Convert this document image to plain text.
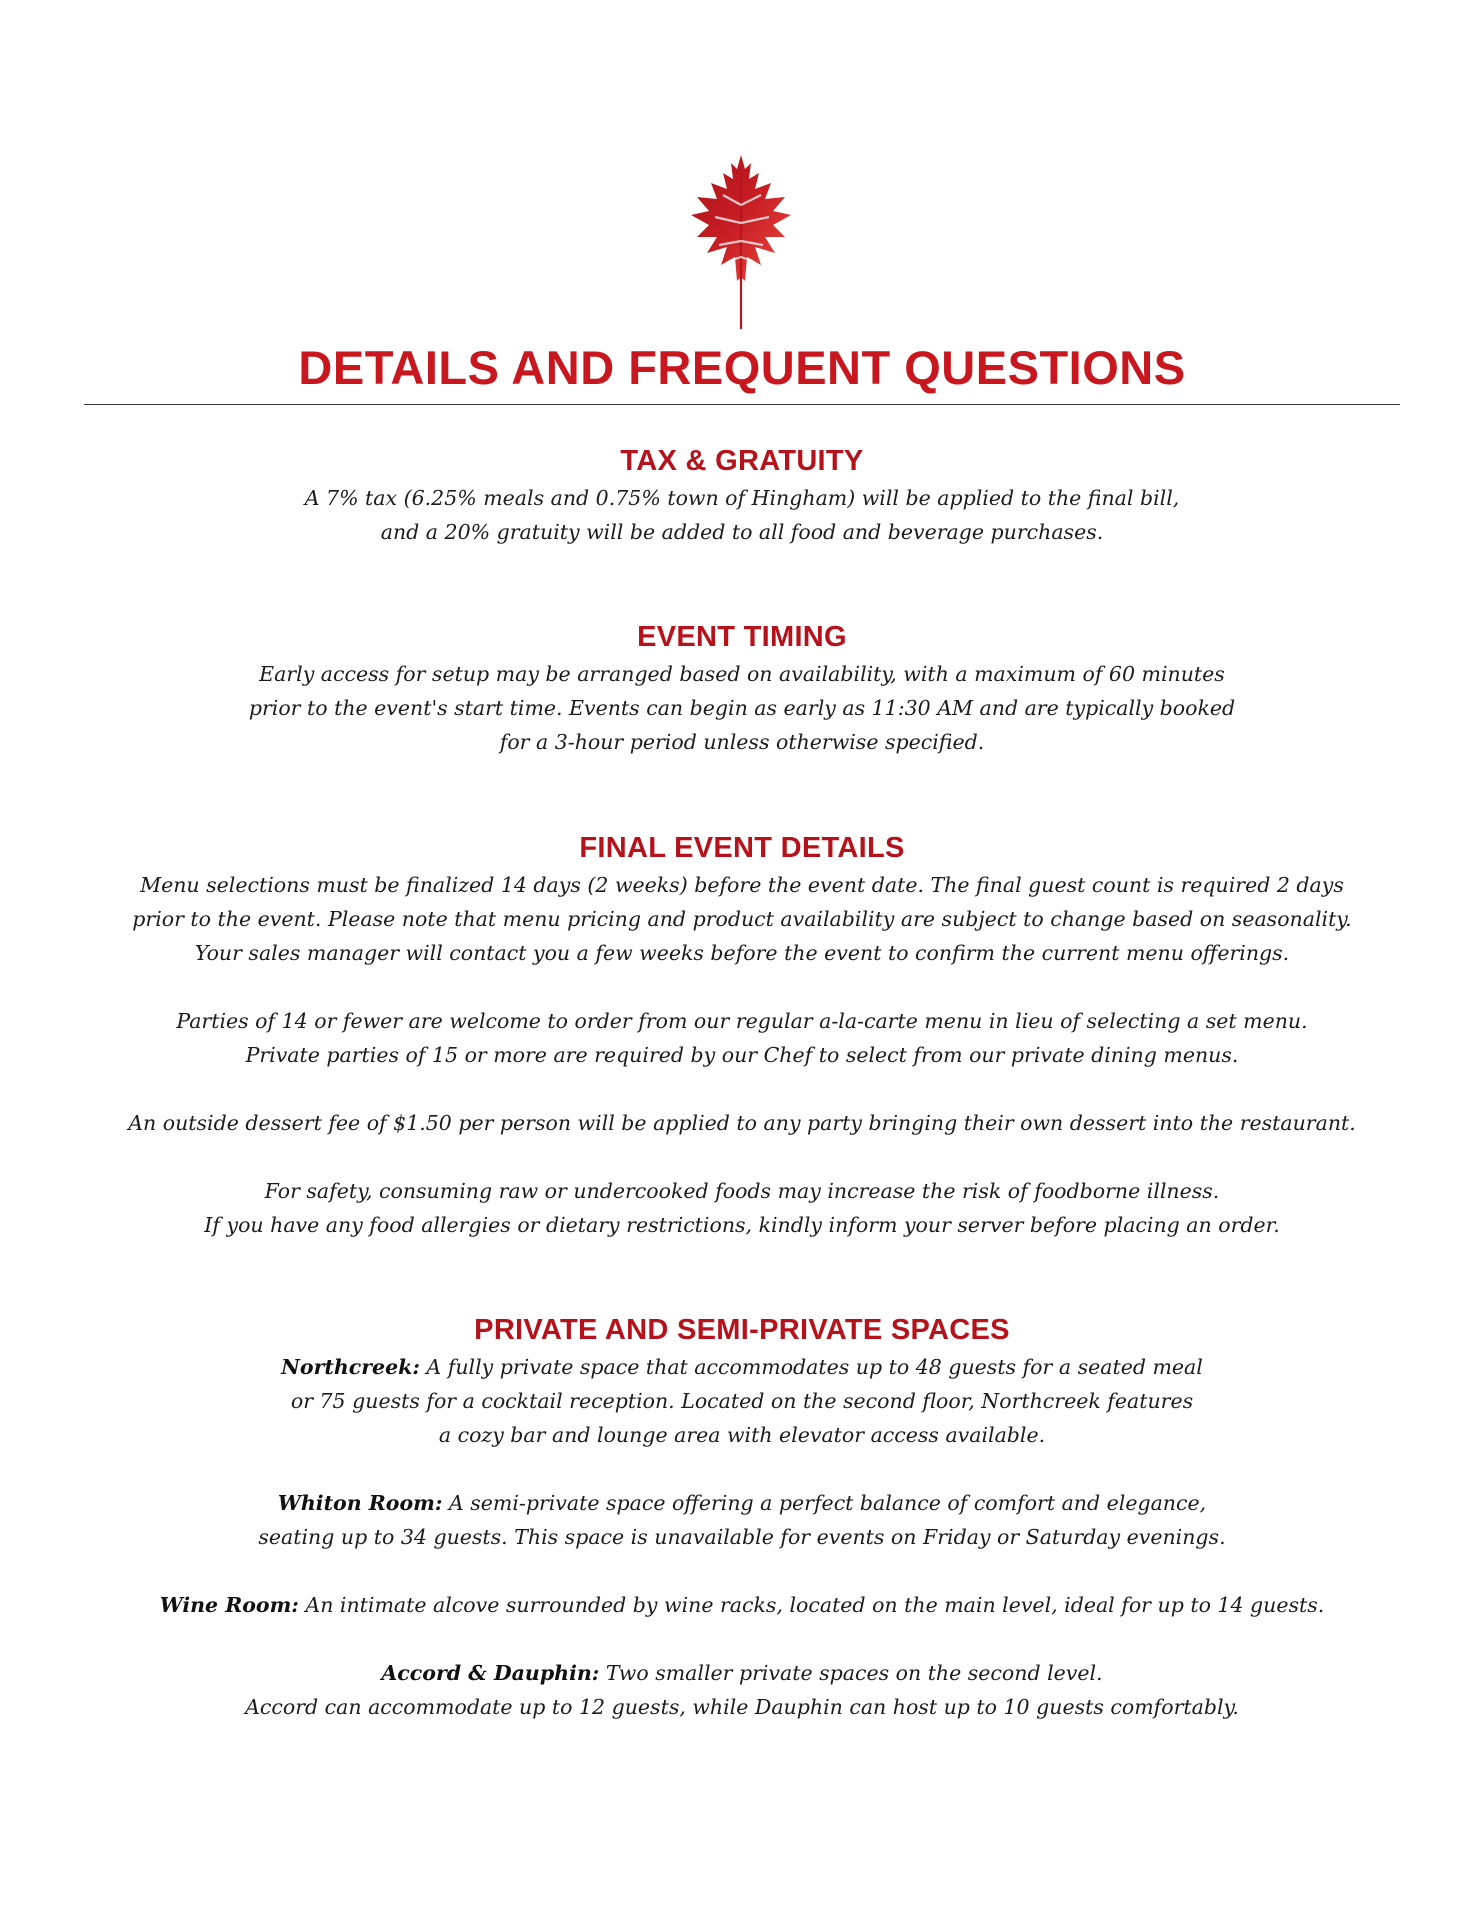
DETAILS AND FREQUENT QUESTIONS
TAX & GRATUITY

A 7% tax (6.25% meals and 0.75% town of Hingham) will be applied to the final bill,
and a 20% gratuity will be added to all food and beverage purchases.

EVENT TIMING

Early access for setup may be arranged based on availability, with a maximum of 60 minutes
prior to the event's start time. Events can begin as early as 11:30 AM and are typically booked
for a 3-hour period unless otherwise specified.

FINAL EVENT DETAILS

Menu selections must be finalized 14 days (2 weeks) before the event date. The final guest count is required 2 days
prior to the event. Please note that menu pricing and product availability are subject to change based on seasonality.
Your sales manager will contact you a few weeks before the event to confirm the current menu offerings.

Parties of 14 or fewer are welcome to order from our regular a-la-carte menu in lieu of selecting a set menu.
Private parties of 15 or more are required by our Chef to select from our private dining menus.

An outside dessert fee of $1.50 per person will be applied to any party bringing their own dessert into the restaurant.

For safety, consuming raw or undercooked foods may increase the risk of foodborne illness.
If you have any food allergies or dietary restrictions, kindly inform your server before placing an order.

PRIVATE AND SEMI-PRIVATE SPACES

Northcreek: A fully private space that accommodates up to 48 guests for a seated meal
or 75 guests for a cocktail reception. Located on the second floor, Northcreek features
a cozy bar and lounge area with elevator access available.

Whiton Room: A semi-private space offering a perfect balance of comfort and elegance,
seating up to 34 guests. This space is unavailable for events on Friday or Saturday evenings.

Wine Room: An intimate alcove surrounded by wine racks, located on the main level, ideal for up to 14 guests.

Accord & Dauphin: Two smaller private spaces on the second level.
Accord can accommodate up to 12 guests, while Dauphin can host up to 10 guests comfortably.
